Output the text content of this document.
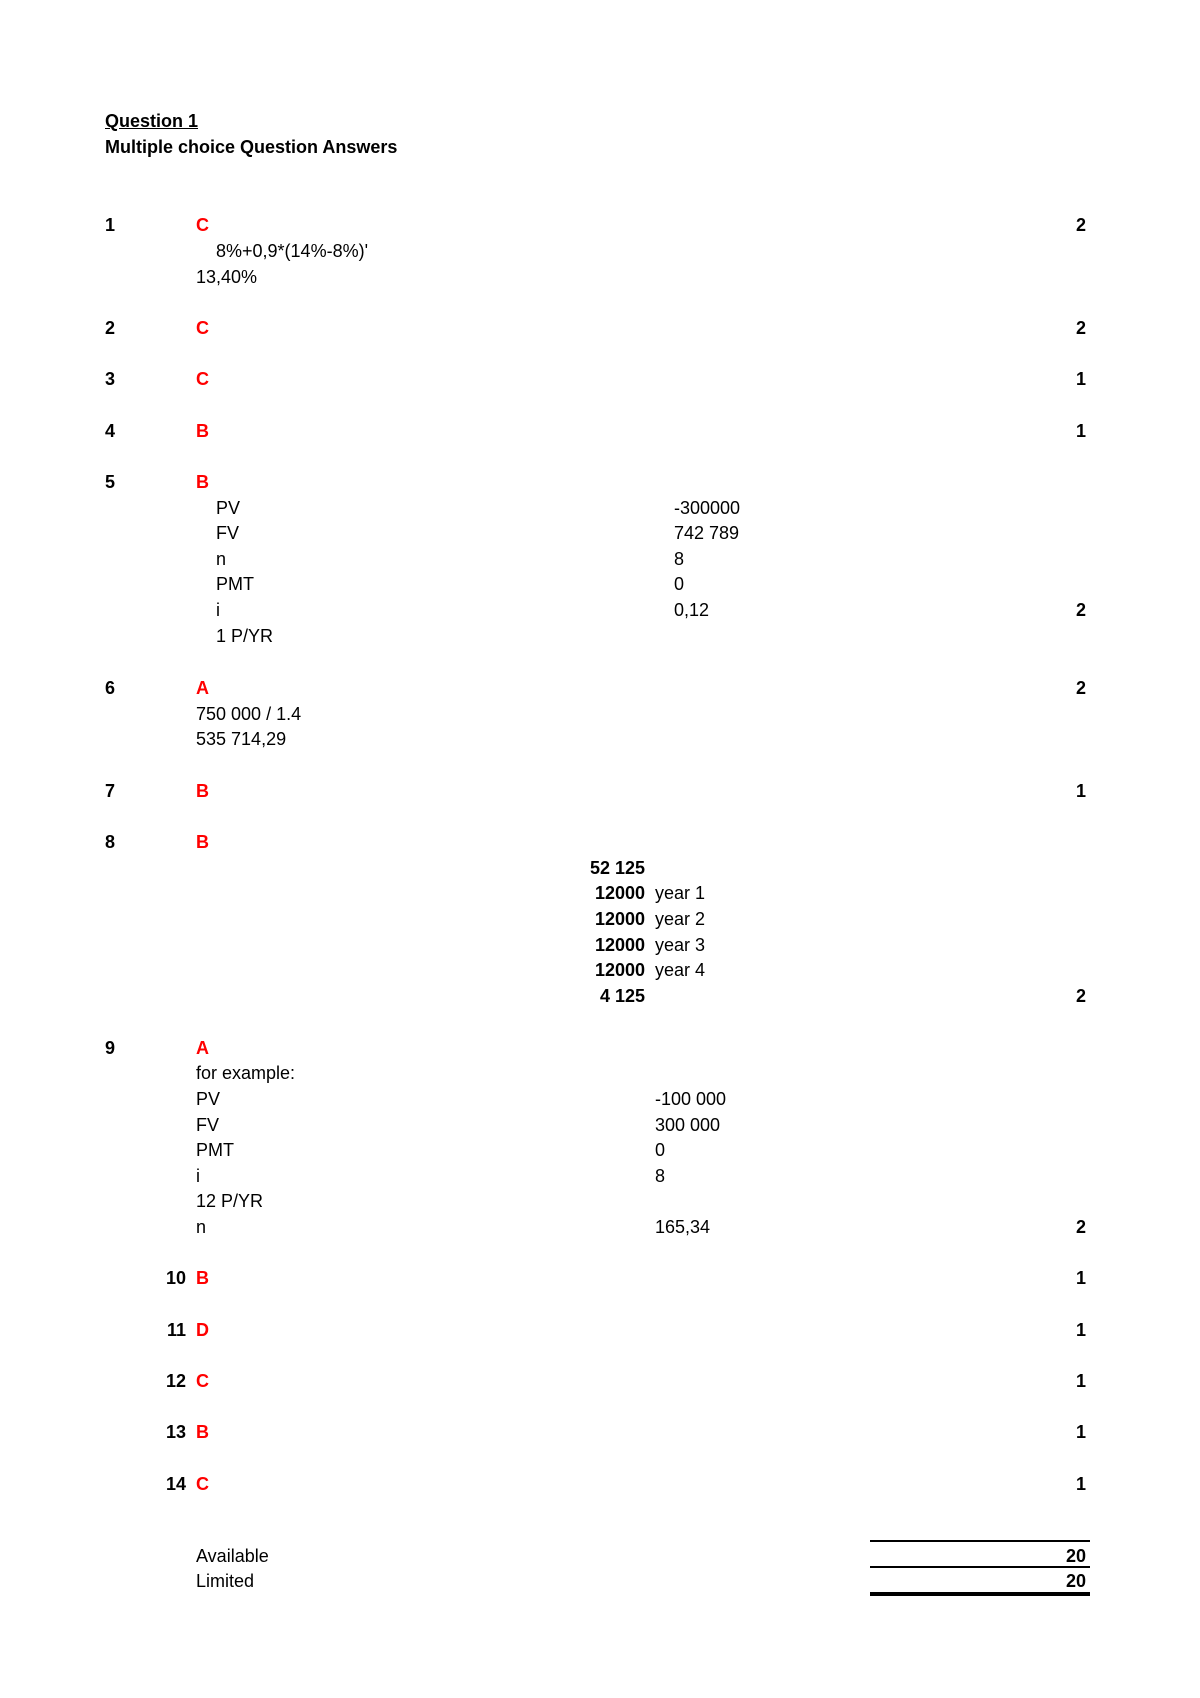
Question 1
Multiple choice Question Answers
1	C	2
8%+0,9*(14%-8%)'
13,40%
2	C	2
3	C	1
4	B	1
5	B
PV	-300000
FV	742 789
n	8
PMT	0
i	0,12	2
1 P/YR
6	A	2
750 000 / 1.4
535 714,29
7	B	1
8	B
52 125
12000 year 1
12000 year 2
12000 year 3
12000 year 4
4 125	2
9	A
for example:
PV	-100 000
FV	300 000
PMT	0
i	8
12 P/YR
n	165,34	2
10 B	1
11 D	1
12 C	1
13 B	1
14 C	1
Available	20
Limited	20
